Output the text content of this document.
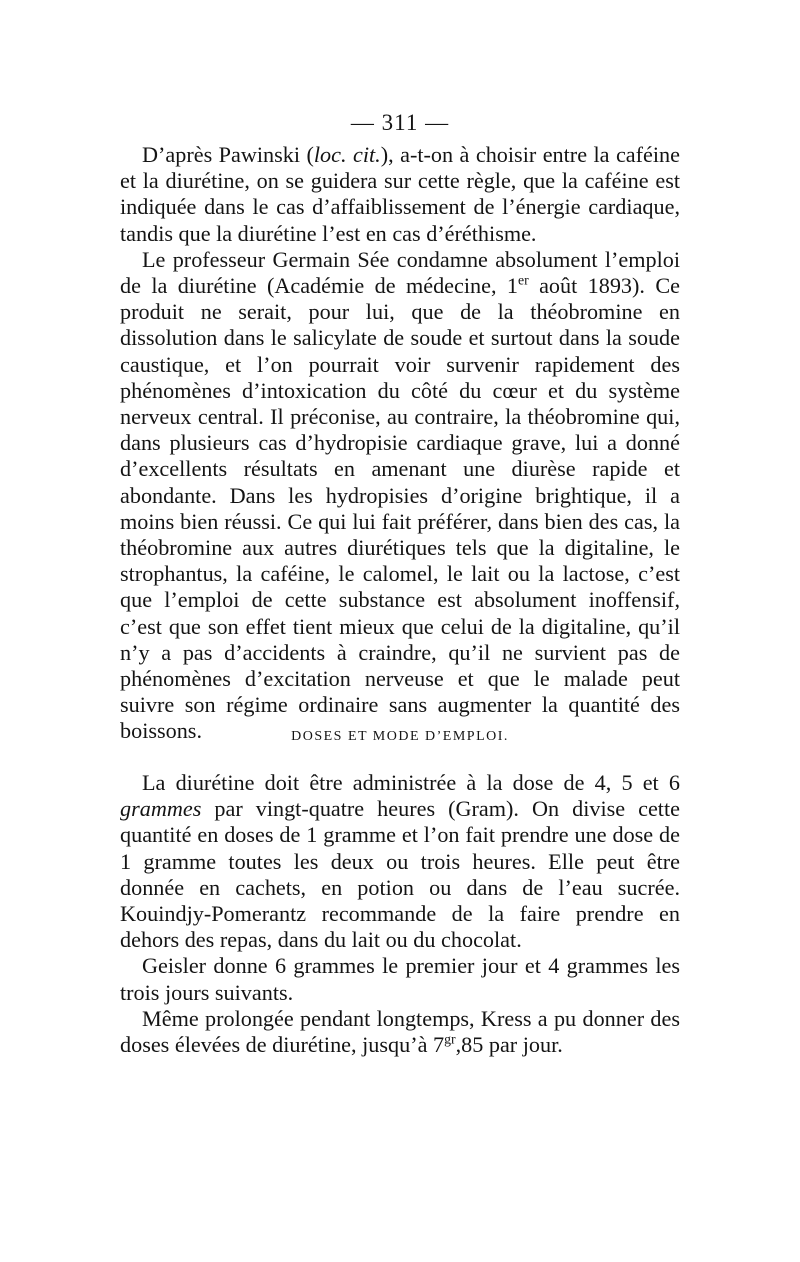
— 311 —

D’après Pawinski (loc. cit.), a-t-on à choisir entre la caféine et la diurétine, on se guidera sur cette règle, que la caféine est indiquée dans le cas d’affaiblissement de l’énergie cardiaque, tandis que la diurétine l’est en cas d’éréthisme.

Le professeur Germain Sée condamne absolument l’emploi de la diurétine (Académie de médecine, 1er août 1893). Ce produit ne serait, pour lui, que de la théobromine en dissolution dans le salicylate de soude et surtout dans la soude caustique, et l’on pourrait voir survenir rapidement des phénomènes d’intoxication du côté du cœur et du système nerveux central. Il préconise, au contraire, la théobromine qui, dans plusieurs cas d’hydropisie cardiaque grave, lui a donné d’excellents résultats en amenant une diurèse rapide et abondante. Dans les hydropisies d’origine brightique, il a moins bien réussi. Ce qui lui fait préférer, dans bien des cas, la théobromine aux autres diurétiques tels que la digitaline, le strophantus, la caféine, le calomel, le lait ou la lactose, c’est que l’emploi de cette substance est absolument inoffensif, c’est que son effet tient mieux que celui de la digitaline, qu’il n’y a pas d’accidents à craindre, qu’il ne survient pas de phénomènes d’excitation nerveuse et que le malade peut suivre son régime ordinaire sans augmenter la quantité des boissons.	DOSES ET MODE D’EMPLOI.

La diurétine doit être administrée à la dose de 4, 5 et 6 grammes par vingt-quatre heures (Gram). On divise cette quantité en doses de 1 gramme et l’on fait prendre une dose de 1 gramme toutes les deux ou trois heures. Elle peut être donnée en cachets, en potion ou dans de l’eau sucrée. Kouindjy-Pomerantz recommande de la faire prendre en dehors des repas, dans du lait ou du chocolat.

Geisler donne 6 grammes le premier jour et 4 grammes les trois jours suivants.

Même prolongée pendant longtemps, Kress a pu donner des doses élevées de diurétine, jusqu’à $7^{gr},85$ par jour.
